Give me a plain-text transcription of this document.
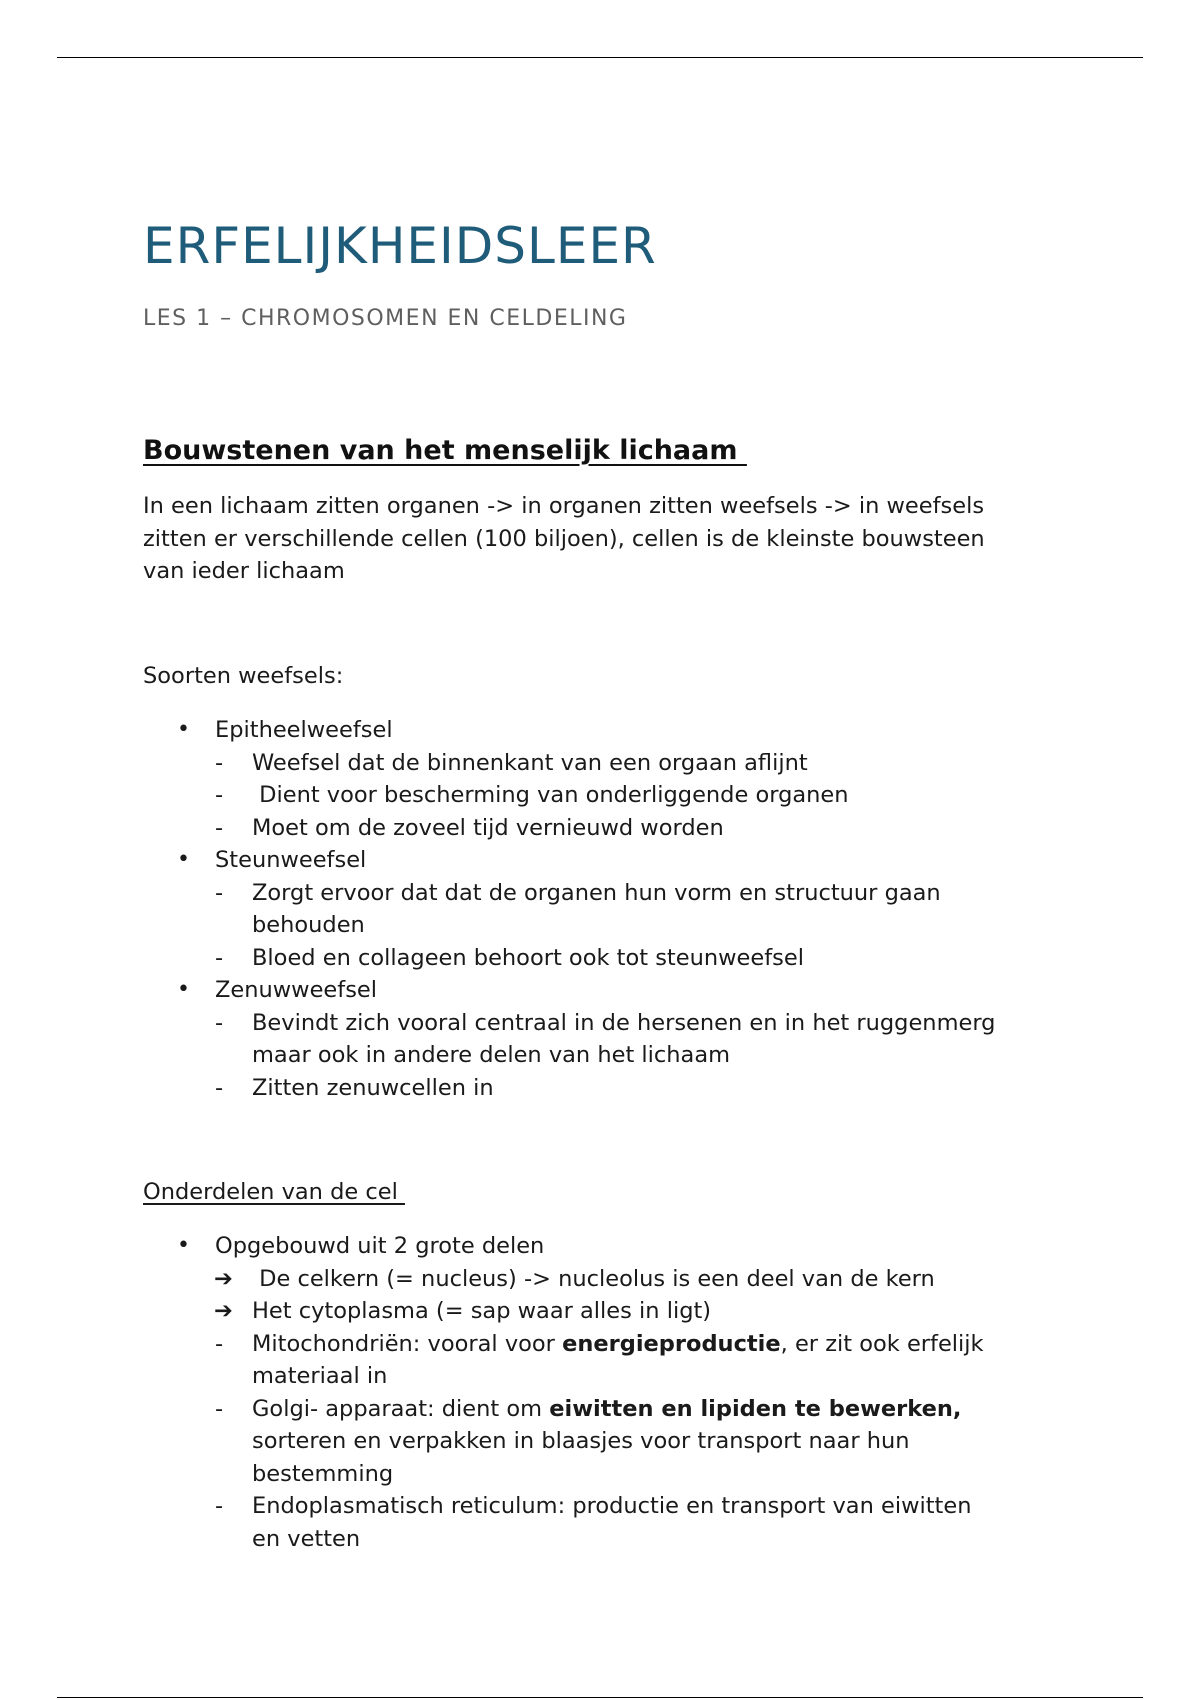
ERFELIJKHEIDSLEER
LES 1 – CHROMOSOMEN EN CELDELING
Bouwstenen van het menselijk lichaam

In een lichaam zitten organen -> in organen zitten weefsels -> in weefsels
zitten er verschillende cellen (100 biljoen), cellen is de kleinste bouwsteen
van ieder lichaam

Soorten weefsels:

• Epitheelweefsel
- Weefsel dat de binnenkant van een orgaan aflijnt
- Dient voor bescherming van onderliggende organen
- Moet om de zoveel tijd vernieuwd worden
• Steunweefsel
- Zorgt ervoor dat dat de organen hun vorm en structuur gaan
behouden
- Bloed en collageen behoort ook tot steunweefsel
• Zenuwweefsel
- Bevindt zich vooral centraal in de hersenen en in het ruggenmerg
maar ook in andere delen van het lichaam
- Zitten zenuwcellen in

Onderdelen van de cel

• Opgebouwd uit 2 grote delen
➔ De celkern (= nucleus) -> nucleolus is een deel van de kern
➔ Het cytoplasma (= sap waar alles in ligt)
- Mitochondriën: vooral voor energieproductie, er zit ook erfelijk
materiaal in
- Golgi- apparaat: dient om eiwitten en lipiden te bewerken,
sorteren en verpakken in blaasjes voor transport naar hun
bestemming
- Endoplasmatisch reticulum: productie en transport van eiwitten
en vetten
